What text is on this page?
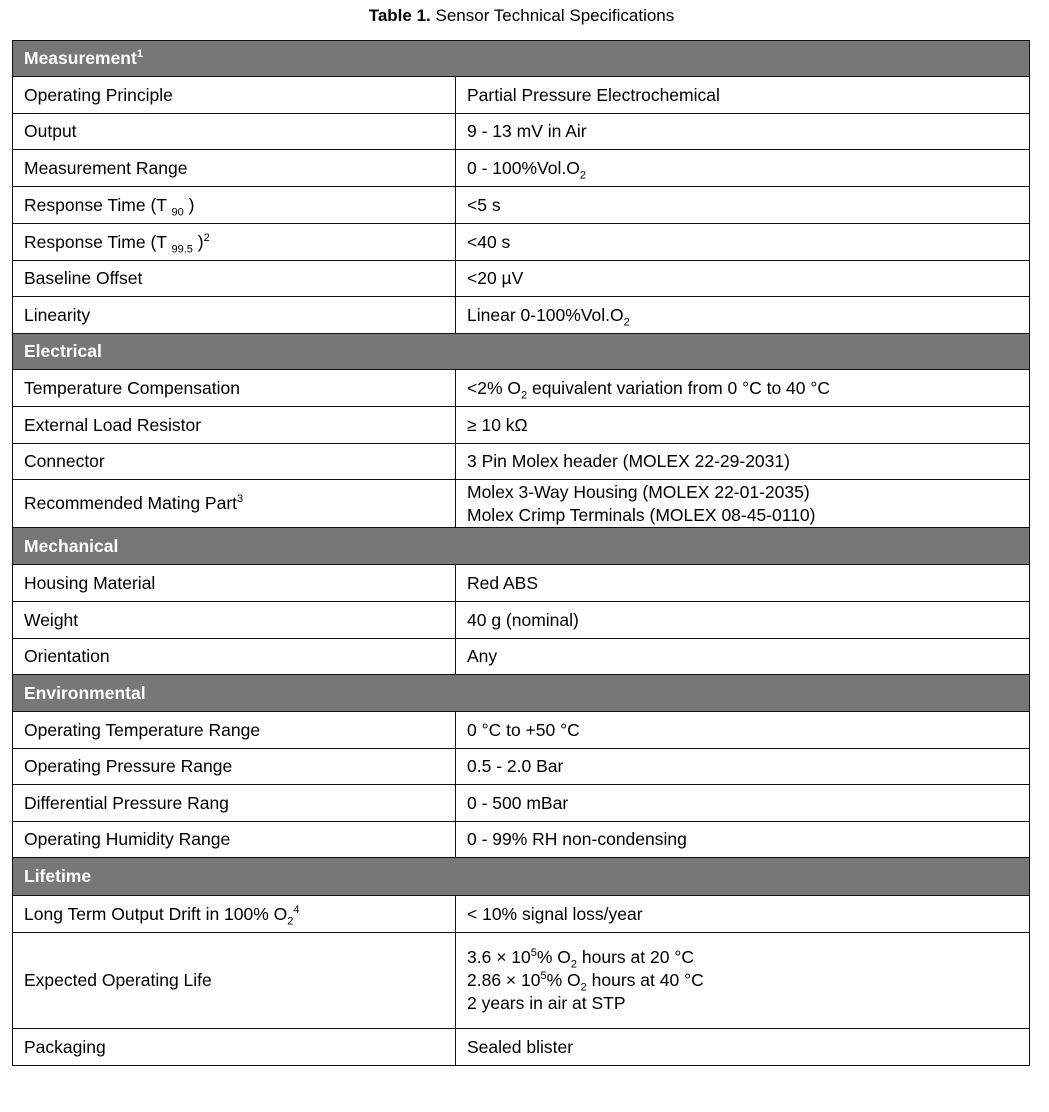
Table 1. Sensor Technical Specifications
Measurement$^1$
Operating Principle	Partial Pressure Electrochemical
Output	9 - 13 mV in Air
Measurement Range	$0 - 100\%Vol.O_2$
Response Time (T $_{90}$ )	<5 s
Response Time (T $_{99.5}$ )$^2$	<40 s
Baseline Offset	<20 µV
Linearity	Linear $0-100\%Vol.O_2$
Electrical	
Temperature Compensation	<2% $O_2$ equivalent variation from 0 °C to 40 °C
External Load Resistor	≥ 10 kΩ
Connector	3 Pin Molex header (MOLEX 22-29-2031)
Recommended Mating Part$^3$	Molex 3-Way Housing (MOLEX 22-01-2035)
Molex Crimp Terminals (MOLEX 08-45-0110)

Mechanical	
Housing Material	Red ABS
Weight	40 g (nominal)
Orientation	Any
Environmental	
Operating Temperature Range	0 °C to +50 °C
Operating Pressure Range	0.5 - 2.0 Bar
Differential Pressure Rang	0 - 500 mBar
Operating Humidity Range	0 - 99% RH non-condensing
Lifetime	
Long Term Output Drift in 100% $O_2^4$	< 10% signal loss/year
Expected Operating Life	$3.6 \times 10^5\%$ $O_2$ hours at 20 °C
$2.86 \times 10^5\%$ $O_2$ hours at 40 °C
2 years in air at STP

Packaging	Sealed blister
